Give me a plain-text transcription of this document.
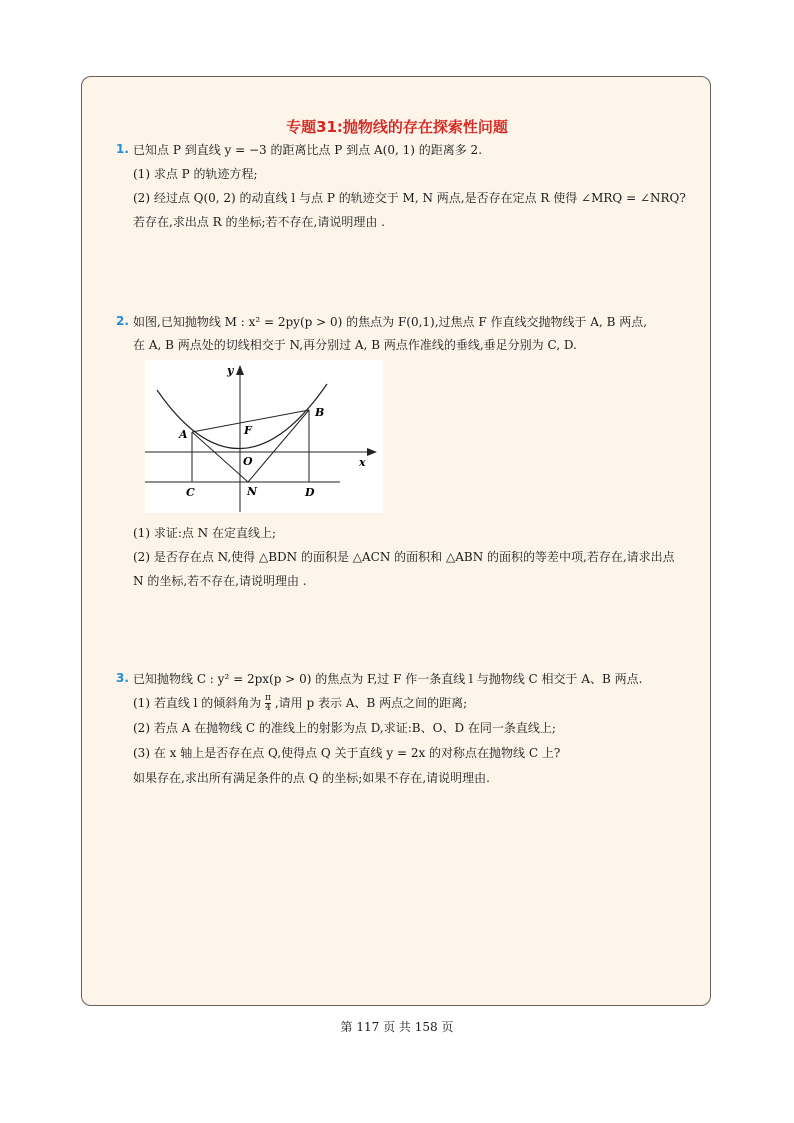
专题31:抛物线的存在探索性问题
1. 已知点 P 到直线 y = −3 的距离比点 P 到点 A(0, 1) 的距离多 2.
(1) 求点 P 的轨迹方程;
(2) 经过点 Q(0, 2) 的动直线 l 与点 P 的轨迹交于 M, N 两点,是否存在定点 R 使得 ∠MRQ = ∠NRQ?
若存在,求出点 R 的坐标;若不存在,请说明理由 .
2. 如图,已知抛物线 M : x² = 2py(p > 0) 的焦点为 F(0,1),过焦点 F 作直线交抛物线于 A, B 两点,
在 A, B 两点处的切线相交于 N,再分别过 A, B 两点作准线的垂线,垂足分别为 C, D.
y
x
A
B
F
O
C	N	D
(1) 求证:点 N 在定直线上;
(2) 是否存在点 N,使得 △BDN 的面积是 △ACN 的面积和 △ABN 的面积的等差中项,若存在,请求出点
N 的坐标,若不存在,请说明理由 .
3. 已知抛物线 C : y² = 2px(p > 0) 的焦点为 F,过 F 作一条直线 l 与抛物线 C 相交于 A、B 两点.
(1) 若直线 l 的倾斜角为 $\frac{\pi}{4}$ ,请用 p 表示 A、B 两点之间的距离;
(2) 若点 A 在抛物线 C 的准线上的射影为点 D,求证:B、O、D 在同一条直线上;
(3) 在 x 轴上是否存在点 Q,使得点 Q 关于直线 y = 2x 的对称点在抛物线 C 上?
如果存在,求出所有满足条件的点 Q 的坐标;如果不存在,请说明理由.
第 117 页 共 158 页
